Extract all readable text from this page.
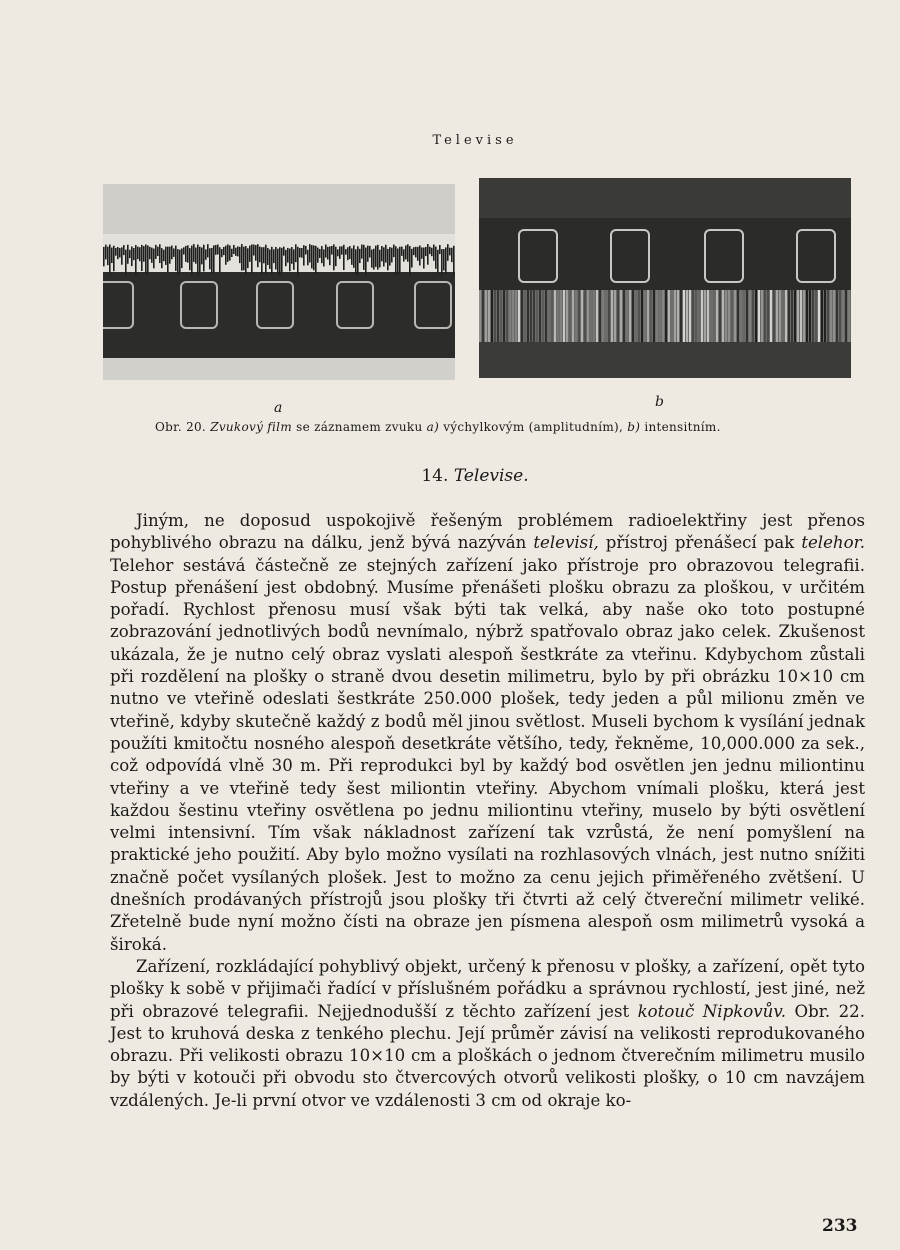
Televise
a	b
Obr. 20. Zvukový film se záznamem zvuku a) výchylkovým (amplitudním), b) intensitním.
14. Televise.

Jiným, ne doposud uspokojivě řešeným problémem radioelektřiny jest přenos pohyblivého obrazu na dálku, jenž bývá nazýván televisí, přístroj přenášecí pak telehor. Telehor sestává částečně ze stejných zařízení jako přístroje pro obrazovou telegrafii. Postup přenášení jest obdobný. Musíme přenášeti plošku obrazu za ploškou, v určitém pořadí. Rychlost přenosu musí však býti tak velká, aby naše oko toto postupné zobrazování jednotlivých bodů nevnímalo, nýbrž spatřovalo obraz jako celek. Zkušenost ukázala, že je nutno celý obraz vyslati alespoň šestkráte za vteřinu. Kdybychom zůstali při rozdělení na plošky o straně dvou desetin milimetru, bylo by při obrázku 10×10 cm nutno ve vteřině odeslati šestkráte 250.000 plošek, tedy jeden a půl milionu změn ve vteřině, kdyby skutečně každý z bodů měl jinou světlost. Museli bychom k vysílání jednak použíti kmitočtu nosného alespoň desetkráte většího, tedy, řekněme, 10,000.000 za sek., což odpovídá vlně 30 m. Při reprodukci byl by každý bod osvětlen jen jednu miliontinu vteřiny a ve vteřině tedy šest miliontin vteřiny. Abychom vnímali plošku, která jest každou šestinu vteřiny osvětlena po jednu miliontinu vteřiny, muselo by býti osvětlení velmi intensivní. Tím však nákladnost zařízení tak vzrůstá, že není pomyšlení na praktické jeho použití. Aby bylo možno vysílati na rozhlasových vlnách, jest nutno snížiti značně počet vysílaných plošek. Jest to možno za cenu jejich přiměřeného zvětšení. U dnešních prodávaných přístrojů jsou plošky tři čtvrti až celý čtvereční milimetr veliké. Zřetelně bude nyní možno čísti na obraze jen písmena alespoň osm milimetrů vysoká a široká.

Zařízení, rozkládající pohyblivý objekt, určený k přenosu v plošky, a zařízení, opět tyto plošky k sobě v přijimači řadící v příslušném pořádku a správnou rychlostí, jest jiné, než při obrazové telegrafii. Nejjednodušší z těchto zařízení jest kotouč Nipkovův. Obr. 22. Jest to kruhová deska z tenkého plechu. Její průměr závisí na velikosti reprodukovaného obrazu. Při velikosti obrazu 10×10 cm a ploškách o jednom čtverečním milimetru musilo by býti v kotouči při obvodu sto čtvercových otvorů velikosti plošky, o 10 cm navzájem vzdálených. Je-li první otvor ve vzdálenosti 3 cm od okraje ko-

233
